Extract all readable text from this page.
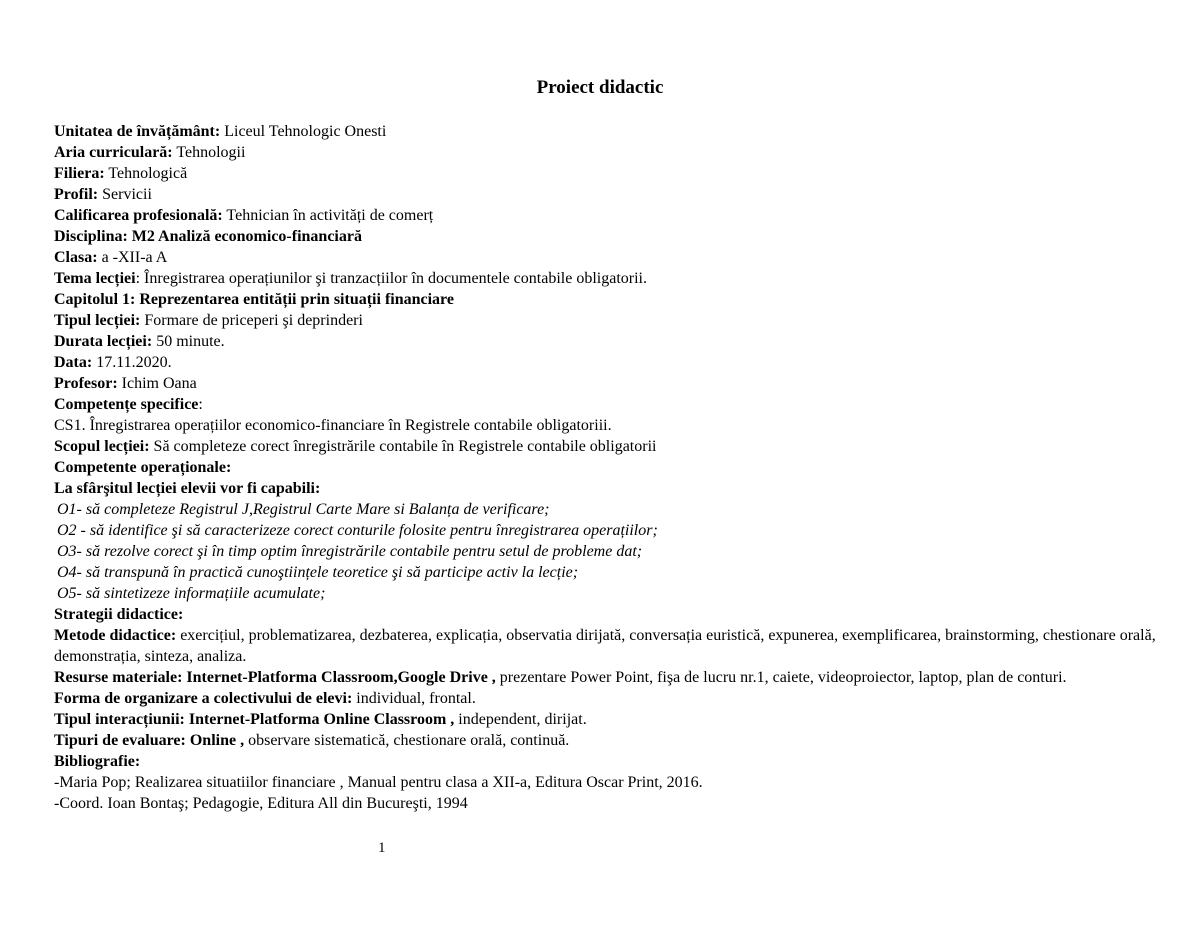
Proiect didactic
Unitatea de învățământ: Liceul Tehnologic Onesti
Aria curriculară: Tehnologii
Filiera: Tehnologică
Profil: Servicii
Calificarea profesională: Tehnician în activități de comerț
Disciplina: M2 Analiză economico-financiară
Clasa: a -XII-a A
Tema lecției: Înregistrarea operațiunilor şi tranzacțiilor în documentele contabile obligatorii.
Capitolul 1: Reprezentarea entității prin situații financiare
Tipul lecției: Formare de priceperi şi deprinderi
Durata lecției: 50 minute.
Data: 17.11.2020.
Profesor: Ichim Oana
Competențe specifice:
CS1. Înregistrarea operațiilor economico-financiare în Registrele contabile obligatoriii.
Scopul lecției: Să completeze corect înregistrările contabile în Registrele contabile obligatorii
Competente operaționale:
La sfârşitul lecției elevii vor fi capabili:
O1- să completeze Registrul J,Registrul Carte Mare si Balanța de verificare;
O2 - să identifice şi să caracterizeze corect conturile folosite pentru înregistrarea operațiilor;
O3- să rezolve corect şi în timp optim înregistrările contabile pentru setul de probleme dat;
O4- să transpună în practică cunoştiințele teoretice şi să participe activ la lecție;
O5- să sintetizeze informațiile acumulate;
Strategii didactice:
Metode didactice: exercițiul, problematizarea, dezbaterea, explicația, observatia dirijată, conversația euristică, expunerea, exemplificarea, brainstorming, chestionare orală, demonstrația, sinteza, analiza.
Resurse materiale: Internet-Platforma Classroom,Google Drive , prezentare Power Point, fişa de lucru nr.1, caiete, videoproiector, laptop, plan de conturi.
Forma de organizare a colectivului de elevi: individual, frontal.
Tipul interacțiunii: Internet-Platforma Online Classroom , independent, dirijat.
Tipuri de evaluare: Online , observare sistematică, chestionare orală, continuă.
Bibliografie:
-Maria Pop; Realizarea situatiilor financiare , Manual pentru clasa a XII-a, Editura Oscar Print, 2016.
-Coord. Ioan Bontaş; Pedagogie, Editura All din Bucureşti, 1994
1
